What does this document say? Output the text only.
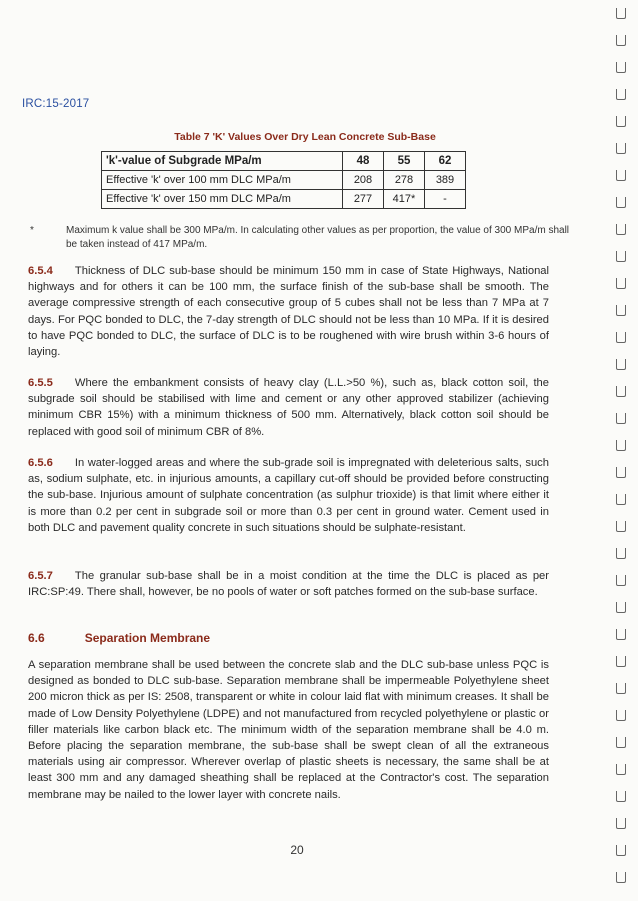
IRC:15-2017
Table 7 'K' Values Over Dry Lean Concrete Sub-Base
'k'-value of Subgrade MPa/m	48	55	62
Effective 'k' over 100 mm DLC MPa/m	208	278	389
Effective 'k' over 150 mm DLC MPa/m	277	417*	-
*	Maximum k value shall be 300 MPa/m. In calculating other values as per proportion, the value of 300 MPa/m shall be taken instead of 417 MPa/m.
6.5.4 Thickness of DLC sub-base should be minimum 150 mm in case of State Highways, National highways and for others it can be 100 mm, the surface finish of the sub-base shall be smooth. The average compressive strength of each consecutive group of 5 cubes shall not be less than 7 MPa at 7 days. For PQC bonded to DLC, the 7-day strength of DLC should not be less than 10 MPa. If it is desired to have PQC bonded to DLC, the surface of DLC is to be roughened with wire brush within 3-6 hours of laying.
6.5.5 Where the embankment consists of heavy clay (L.L.>50 %), such as, black cotton soil, the subgrade soil should be stabilised with lime and cement or any other approved stabilizer (achieving minimum CBR 15%) with a minimum thickness of 500 mm. Alternatively, black cotton soil should be replaced with good soil of minimum CBR of 8%.
6.5.6 In water-logged areas and where the sub-grade soil is impregnated with deleterious salts, such as, sodium sulphate, etc. in injurious amounts, a capillary cut-off should be provided before constructing the sub-base. Injurious amount of sulphate concentration (as sulphur trioxide) is that limit where either it is more than 0.2 per cent in subgrade soil or more than 0.3 per cent in ground water. Cement used in both DLC and pavement quality concrete in such situations should be sulphate-resistant.
6.5.7 The granular sub-base shall be in a moist condition at the time the DLC is placed as per IRC:SP:49. There shall, however, be no pools of water or soft patches formed on the sub-base surface.
6.6	Separation Membrane
A separation membrane shall be used between the concrete slab and the DLC sub-base unless PQC is designed as bonded to DLC sub-base. Separation membrane shall be impermeable Polyethylene sheet 200 micron thick as per IS: 2508, transparent or white in colour laid flat with minimum creases. It shall be made of Low Density Polyethylene (LDPE) and not manufactured from recycled polyethylene or plastic or filler materials like carbon black etc. The minimum width of the separation membrane shall be 4.0 m. Before placing the separation membrane, the sub-base shall be swept clean of all the extraneous materials using air compressor. Wherever overlap of plastic sheets is necessary, the same shall be at least 300 mm and any damaged sheathing shall be replaced at the Contractor's cost. The separation membrane may be nailed to the lower layer with concrete nails.
20
